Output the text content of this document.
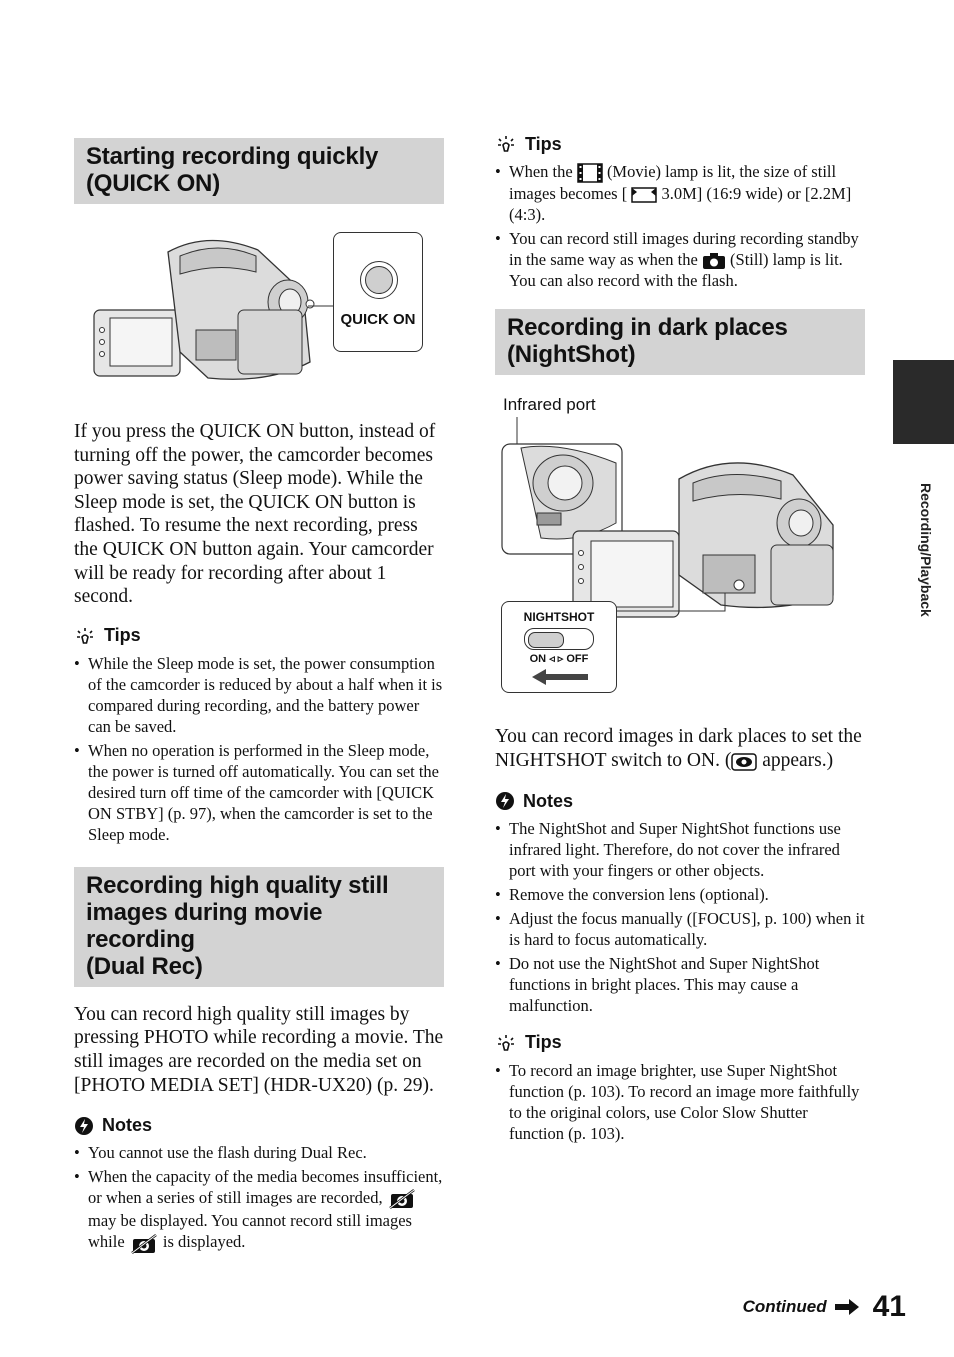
Starting recording quickly
(QUICK ON)
QUICK ON

If you press the QUICK ON button, instead of turning off the power, the camcorder becomes power saving status (Sleep mode). While the Sleep mode is set, the QUICK ON button is flashed. To resume the next recording, press the QUICK ON button again. Your camcorder will be ready for recording after about 1 second.

Tips
• While the Sleep mode is set, the power consumption of the camcorder is reduced by about a half when it is compared during recording, and the battery power can be saved.
• When no operation is performed in the Sleep mode, the power is turned off automatically. You can set the desired turn off time of the camcorder with [QUICK ON STBY] (p. 97), when the camcorder is set to the Sleep mode.
Recording high quality still
images during movie recording
(Dual Rec)

You can record high quality still images by pressing PHOTO while recording a movie. The still images are recorded on the media set on [PHOTO MEDIA SET] (HDR-UX20) (p. 29).

Notes
• You cannot use the flash during Dual Rec.
• When the capacity of the media becomes insufficient, or when a series of still images are recorded,  may be displayed. You cannot record still images while is displayed.
Tips
• When the (Movie) lamp is lit, the size of still images becomes [ 3.0M] (16:9 wide) or [2.2M] (4:3).
• You can record still images during recording standby in the same way as when the (Still) lamp is lit. You can also record with the flash.
Recording in dark places
(NightShot)
Infrared port
NIGHTSHOT
ON ◃ ▹ OFF

You can record images in dark places to set the NIGHTSHOT switch to ON. ( appears.)

Notes
• The NightShot and Super NightShot functions use infrared light. Therefore, do not cover the infrared port with your fingers or other objects.
• Remove the conversion lens (optional).
• Adjust the focus manually ([FOCUS], p. 100) when it is hard to focus automatically.
• Do not use the NightShot and Super NightShot functions in bright places. This may cause a malfunction.
Tips
• To record an image brighter, use Super NightShot function (p. 103). To record an image more faithfully to the original colors, use Color Slow Shutter function (p. 103).
Recording/Playback
Continued 41
